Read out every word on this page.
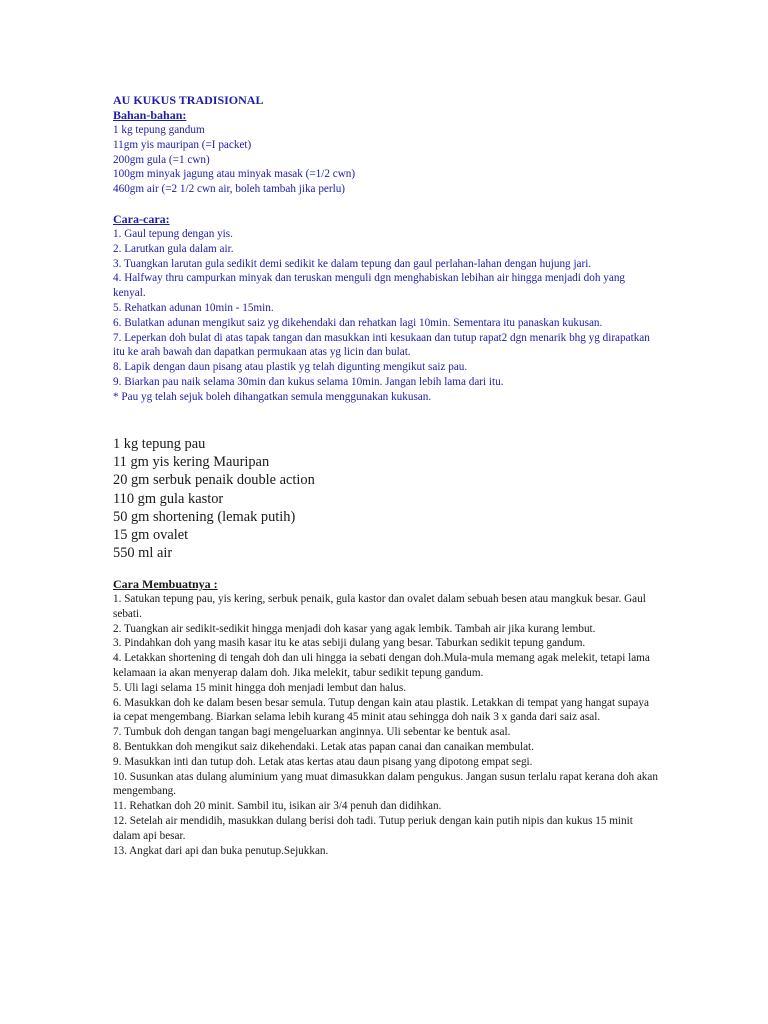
AU KUKUS TRADISIONAL

Bahan-bahan:

1 kg tepung gandum

11gm yis mauripan (=I packet)

200gm gula (=1 cwn)

100gm minyak jagung atau minyak masak (=1/2 cwn)

460gm air (=2 1/2 cwn air, boleh tambah jika perlu)

Cara-cara:

1. Gaul tepung dengan yis.

2. Larutkan gula dalam air.

3. Tuangkan larutan gula sedikit demi sedikit ke dalam tepung dan gaul perlahan-lahan dengan hujung jari.

4. Halfway thru campurkan minyak dan teruskan menguli dgn menghabiskan lebihan air hingga menjadi doh yang kenyal.

5. Rehatkan adunan 10min - 15min.

6. Bulatkan adunan mengikut saiz yg dikehendaki dan rehatkan lagi 10min. Sementara itu panaskan kukusan.

7. Leperkan doh bulat di atas tapak tangan dan masukkan inti kesukaan dan tutup rapat2 dgn menarik bhg yg dirapatkan itu ke arah bawah dan dapatkan permukaan atas yg licin dan bulat.

8. Lapik dengan daun pisang atau plastik yg telah digunting mengikut saiz pau.

9. Biarkan pau naik selama 30min dan kukus selama 10min. Jangan lebih lama dari itu.

* Pau yg telah sejuk boleh dihangatkan semula menggunakan kukusan.

1 kg tepung pau

11 gm yis kering Mauripan

20 gm serbuk penaik double action

110 gm gula kastor

50 gm shortening (lemak putih)

15 gm ovalet

550 ml air

Cara Membuatnya :

1. Satukan tepung pau, yis kering, serbuk penaik, gula kastor dan ovalet dalam sebuah besen atau mangkuk besar. Gaul sebati.

2. Tuangkan air sedikit-sedikit hingga menjadi doh kasar yang agak lembik. Tambah air jika kurang lembut.

3. Pindahkan doh yang masih kasar itu ke atas sebiji dulang yang besar. Taburkan sedikit tepung gandum.

4. Letakkan shortening di tengah doh dan uli hingga ia sebati dengan doh.Mula-mula memang agak melekit, tetapi lama kelamaan ia akan menyerap dalam doh. Jika melekit, tabur sedikit tepung gandum.

5. Uli lagi selama 15 minit hingga doh menjadi lembut dan halus.

6. Masukkan doh ke dalam besen besar semula. Tutup dengan kain atau plastik. Letakkan di tempat yang hangat supaya ia cepat mengembang. Biarkan selama lebih kurang 45 minit atau sehingga doh naik 3 x ganda dari saiz asal.

7. Tumbuk doh dengan tangan bagi mengeluarkan anginnya. Uli sebentar ke bentuk asal.

8. Bentukkan doh mengikut saiz dikehendaki. Letak atas papan canai dan canaikan membulat.

9. Masukkan inti dan tutup doh. Letak atas kertas atau daun pisang yang dipotong empat segi.

10. Susunkan atas dulang aluminium yang muat dimasukkan dalam pengukus. Jangan susun terlalu rapat kerana doh akan mengembang.

11. Rehatkan doh 20 minit. Sambil itu, isikan air 3/4 penuh dan didihkan.

12. Setelah air mendidih, masukkan dulang berisi doh tadi. Tutup periuk dengan kain putih nipis dan kukus 15 minit dalam api besar.

13. Angkat dari api dan buka penutup.Sejukkan.
